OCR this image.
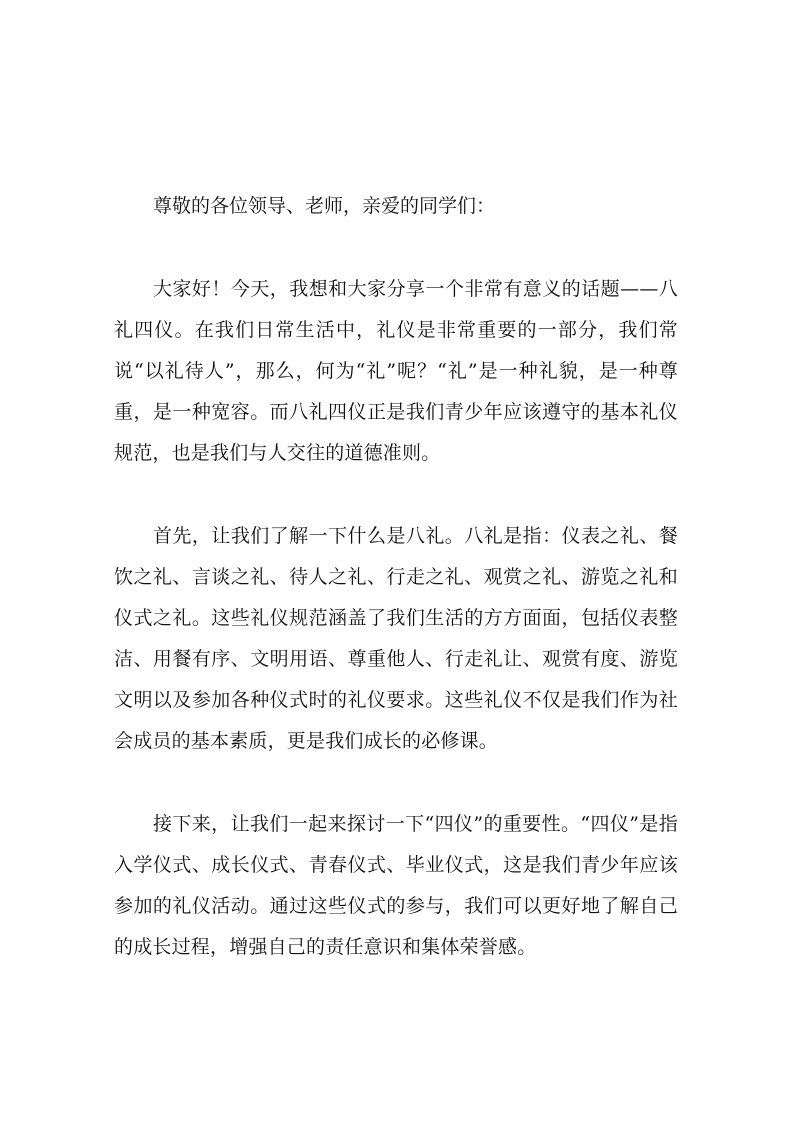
尊敬的各位领导、老师，亲爱的同学们：

大家好！今天，我想和大家分享一个非常有意义的话题——八礼四仪。在我们日常生活中，礼仪是非常重要的一部分，我们常说“以礼待人”，那么，何为“礼”呢？“礼”是一种礼貌，是一种尊重，是一种宽容。而八礼四仪正是我们青少年应该遵守的基本礼仪规范，也是我们与人交往的道德准则。

首先，让我们了解一下什么是八礼。八礼是指：仪表之礼、餐饮之礼、言谈之礼、待人之礼、行走之礼、观赏之礼、游览之礼和仪式之礼。这些礼仪规范涵盖了我们生活的方方面面，包括仪表整洁、用餐有序、文明用语、尊重他人、行走礼让、观赏有度、游览文明以及参加各种仪式时的礼仪要求。这些礼仪不仅是我们作为社会成员的基本素质，更是我们成长的必修课。

接下来，让我们一起来探讨一下“四仪”的重要性。“四仪”是指入学仪式、成长仪式、青春仪式、毕业仪式，这是我们青少年应该参加的礼仪活动。通过这些仪式的参与，我们可以更好地了解自己的成长过程，增强自己的责任意识和集体荣誉感。
